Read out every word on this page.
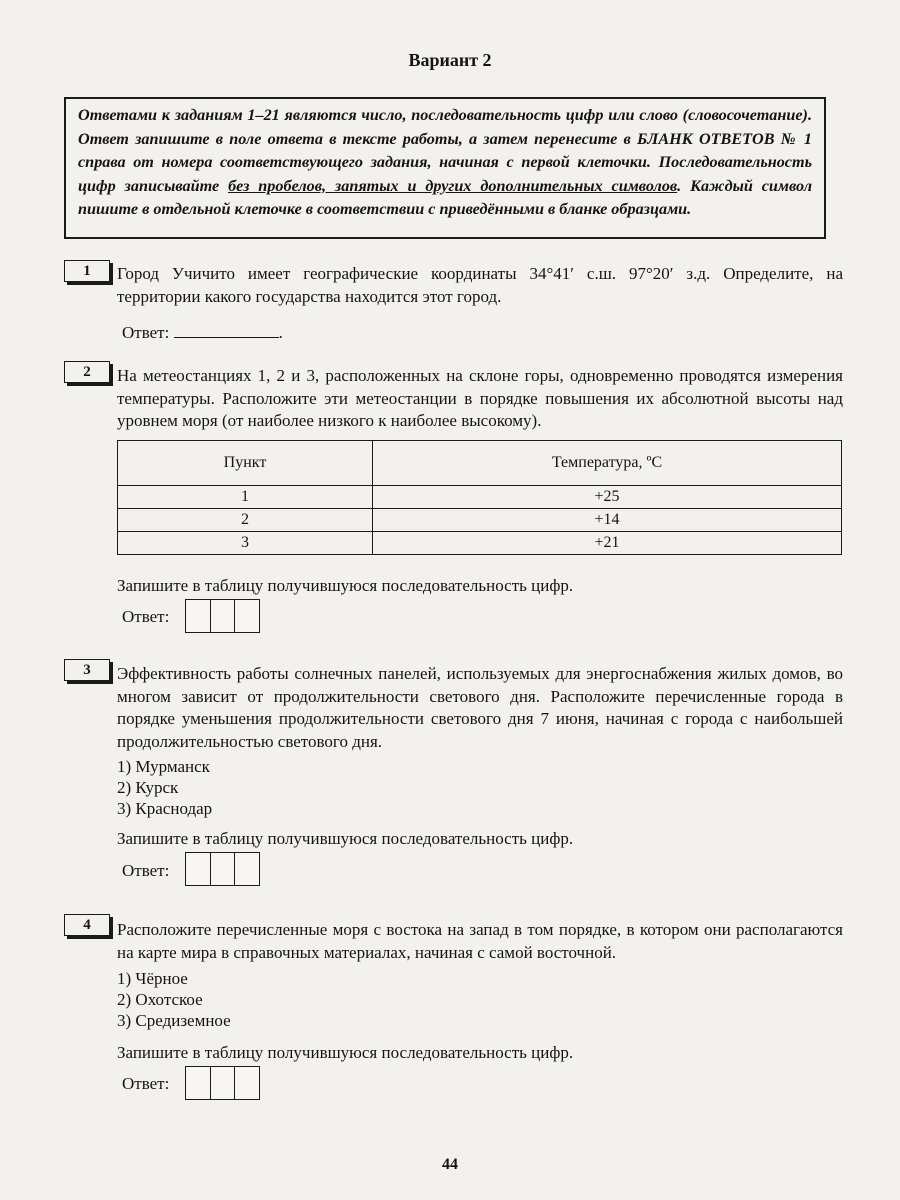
Вариант 2
Ответами к заданиям 1–21 являются число, последовательность цифр или слово (словосочетание). Ответ запишите в поле ответа в тексте работы, а затем перенесите в БЛАНК ОТВЕТОВ № 1 справа от номера соответствующего задания, начиная с первой клеточки. Последовательность цифр записывайте без пробелов, запятых и других дополнительных символов. Каждый символ пишите в отдельной клеточке в соответствии с приведёнными в бланке образцами.
1	Город Учичито имеет географические координаты 34°41′ с.ш. 97°20′ з.д. Определите, на территории какого государства находится этот город.
Ответ:	.
2	На метеостанциях 1, 2 и 3, расположенных на склоне горы, одновременно проводятся измерения температуры. Расположите эти метеостанции в порядке повышения их абсолютной высоты над уровнем моря (от наиболее низкого к наиболее высокому).
Пункт	Температура, ºС
1	+25
2	+14
3	+21
Запишите в таблицу получившуюся последовательность цифр.
Ответ:
3	Эффективность работы солнечных панелей, используемых для энергоснабжения жилых домов, во многом зависит от продолжительности светового дня. Расположите перечисленные города в порядке уменьшения продолжительности светового дня 7 июня, начиная с города с наибольшей продолжительностью светового дня.
1) Мурманск
2) Курск
3) Краснодар
Запишите в таблицу получившуюся последовательность цифр.
Ответ:
4	Расположите перечисленные моря с востока на запад в том порядке, в котором они располагаются на карте мира в справочных материалах, начиная с самой восточной.
1) Чёрное
2) Охотское
3) Средиземное
Запишите в таблицу получившуюся последовательность цифр.
Ответ:
44
